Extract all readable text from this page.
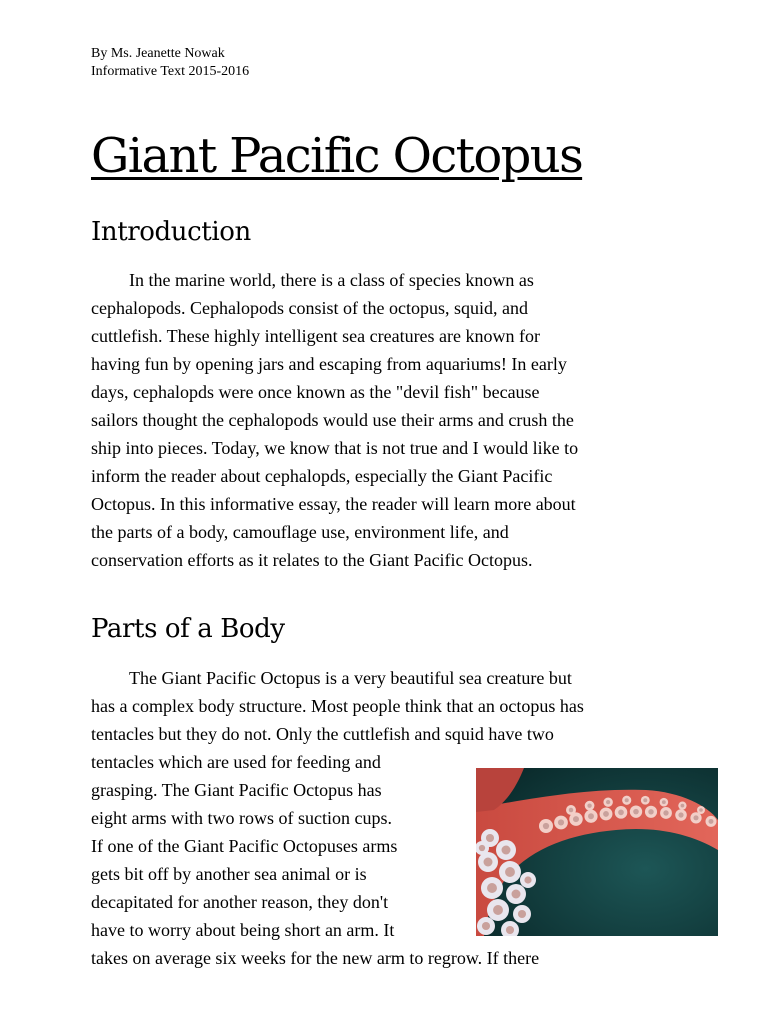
By Ms. Jeanette Nowak
Informative Text 2015-2016
Giant Pacific Octopus
Introduction

In the marine world, there is a class of species known as
cephalopods. Cephalopods consist of the octopus, squid, and
cuttlefish. These highly intelligent sea creatures are known for
having fun by opening jars and escaping from aquariums! In early
days, cephalopds were once known as the "devil fish" because
sailors thought the cephalopods would use their arms and crush the
ship into pieces. Today, we know that is not true and I would like to
inform the reader about cephalopds, especially the Giant Pacific
Octopus. In this informative essay, the reader will learn more about
the parts of a body, camouflage use, environment life, and
conservation efforts as it relates to the Giant Pacific Octopus.

Parts of a Body

The Giant Pacific Octopus is a very beautiful sea creature but
has a complex body structure. Most people think that an octopus has
tentacles but they do not. Only the cuttlefish and squid have two
tentacles which are used for feeding and
grasping. The Giant Pacific Octopus has
eight arms with two rows of suction cups.
If one of the Giant Pacific Octopuses arms
gets bit off by another sea animal or is
decapitated for another reason, they don't
have to worry about being short an arm. It
takes on average six weeks for the new arm to regrow. If there
